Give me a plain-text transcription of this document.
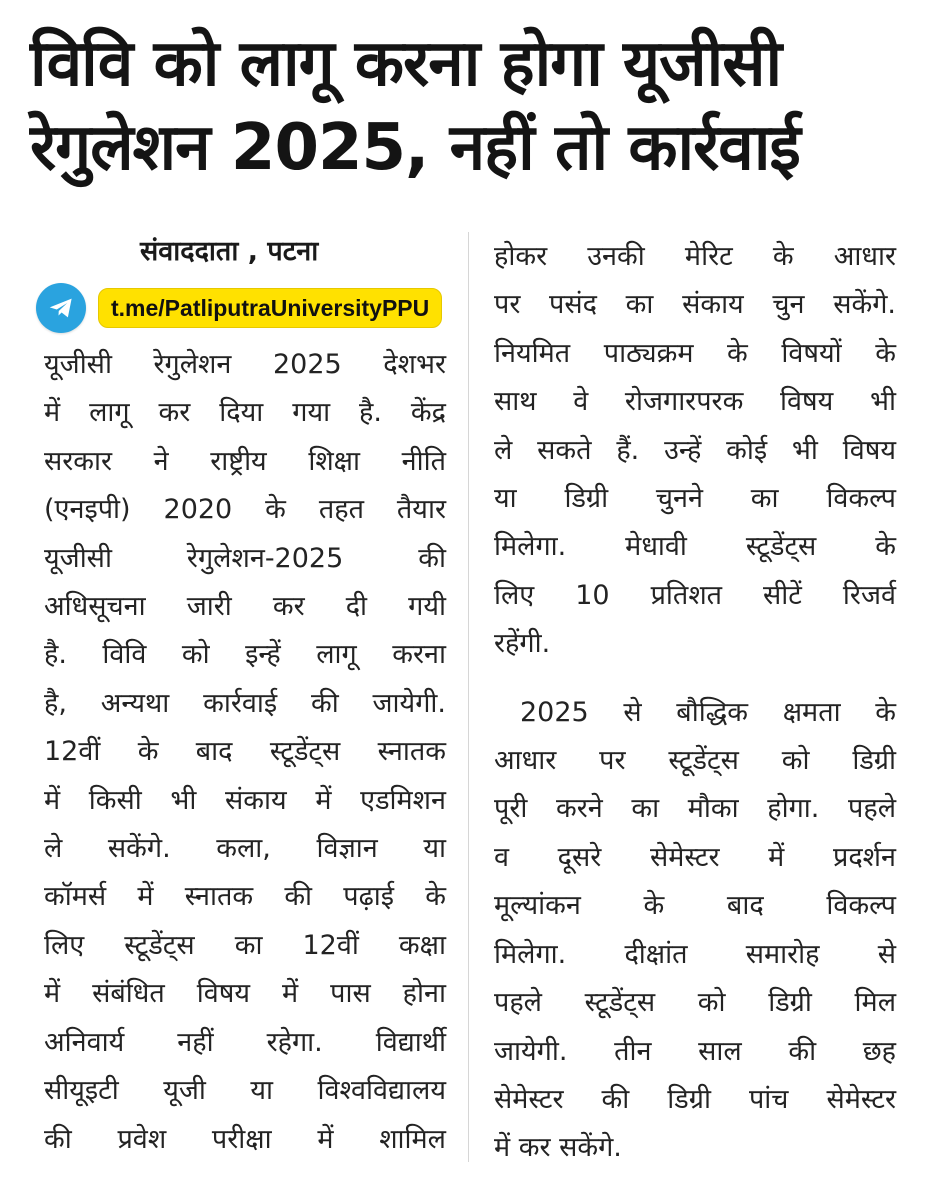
विवि को लागू करना होगा यूजीसी
रेगुलेशन 2025, नहीं तो कार्रवाई
संवाददाता , पटना
t.me/PatliputraUniversityPPU
यूजीसी रेगुलेशन 2025 देशभर
में लागू कर दिया गया है. केंद्र
सरकार ने राष्ट्रीय शिक्षा नीति
(एनइपी) 2020 के तहत तैयार
यूजीसी रेगुलेशन-2025 की
अधिसूचना जारी कर दी गयी
है. विवि को इन्हें लागू करना
है, अन्यथा कार्रवाई की जायेगी.
12वीं के बाद स्टूडेंट्स स्नातक
में किसी भी संकाय में एडमिशन
ले सकेंगे. कला, विज्ञान या
कॉमर्स में स्नातक की पढ़ाई के
लिए स्टूडेंट्स का 12वीं कक्षा
में संबंधित विषय में पास होना
अनिवार्य नहीं रहेगा. विद्यार्थी
सीयूइटी यूजी या विश्वविद्यालय
की प्रवेश परीक्षा में शामिल
होकर उनकी मेरिट के आधार
पर पसंद का संकाय चुन सकेंगे.
नियमित पाठ्यक्रम के विषयों के
साथ वे रोजगारपरक विषय भी
ले सकते हैं. उन्हें कोई भी विषय
या डिग्री चुनने का विकल्प
मिलेगा. मेधावी स्टूडेंट्स के
लिए 10 प्रतिशत सीटें रिजर्व
रहेंगी.
2025 से बौद्धिक क्षमता के
आधार पर स्टूडेंट्स को डिग्री
पूरी करने का मौका होगा. पहले
व दूसरे सेमेस्टर में प्रदर्शन
मूल्यांकन के बाद विकल्प
मिलेगा. दीक्षांत समारोह से
पहले स्टूडेंट्स को डिग्री मिल
जायेगी. तीन साल की छह
सेमेस्टर की डिग्री पांच सेमेस्टर
में कर सकेंगे.
